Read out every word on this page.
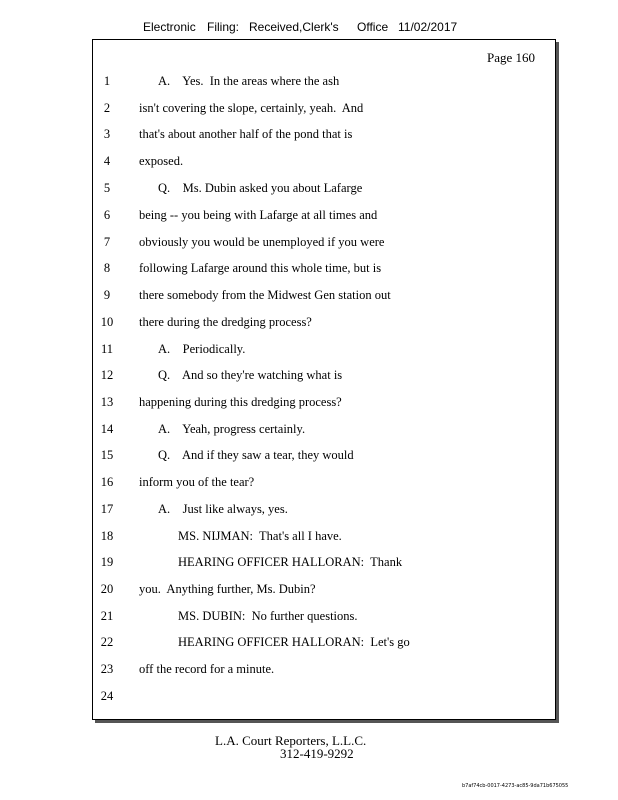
Electronic Filing: Received,Clerk's Office 11/02/2017
Page 160
1	A.    Yes.  In the areas where the ash
2	isn't covering the slope, certainly, yeah.  And
3	that's about another half of the pond that is
4	exposed.
5	Q.    Ms. Dubin asked you about Lafarge
6	being -- you being with Lafarge at all times and
7	obviously you would be unemployed if you were
8	following Lafarge around this whole time, but is
9	there somebody from the Midwest Gen station out
10 there during the dredging process?
11	A.    Periodically.
12	Q.    And so they're watching what is
13 happening during this dredging process?
14	A.    Yeah, progress certainly.
15	Q.    And if they saw a tear, they would
16 inform you of the tear?
17	A.    Just like always, yes.
18	MS. NIJMAN:  That's all I have.
19	HEARING OFFICER HALLORAN:  Thank
20 you.  Anything further, Ms. Dubin?
21	MS. DUBIN:  No further questions.
22	HEARING OFFICER HALLORAN:  Let's go
23 off the record for a minute.
24
L.A. Court Reporters, L.L.C.
312-419-9292
b7af74cb-0017-4273-ac85-9da71b675055
